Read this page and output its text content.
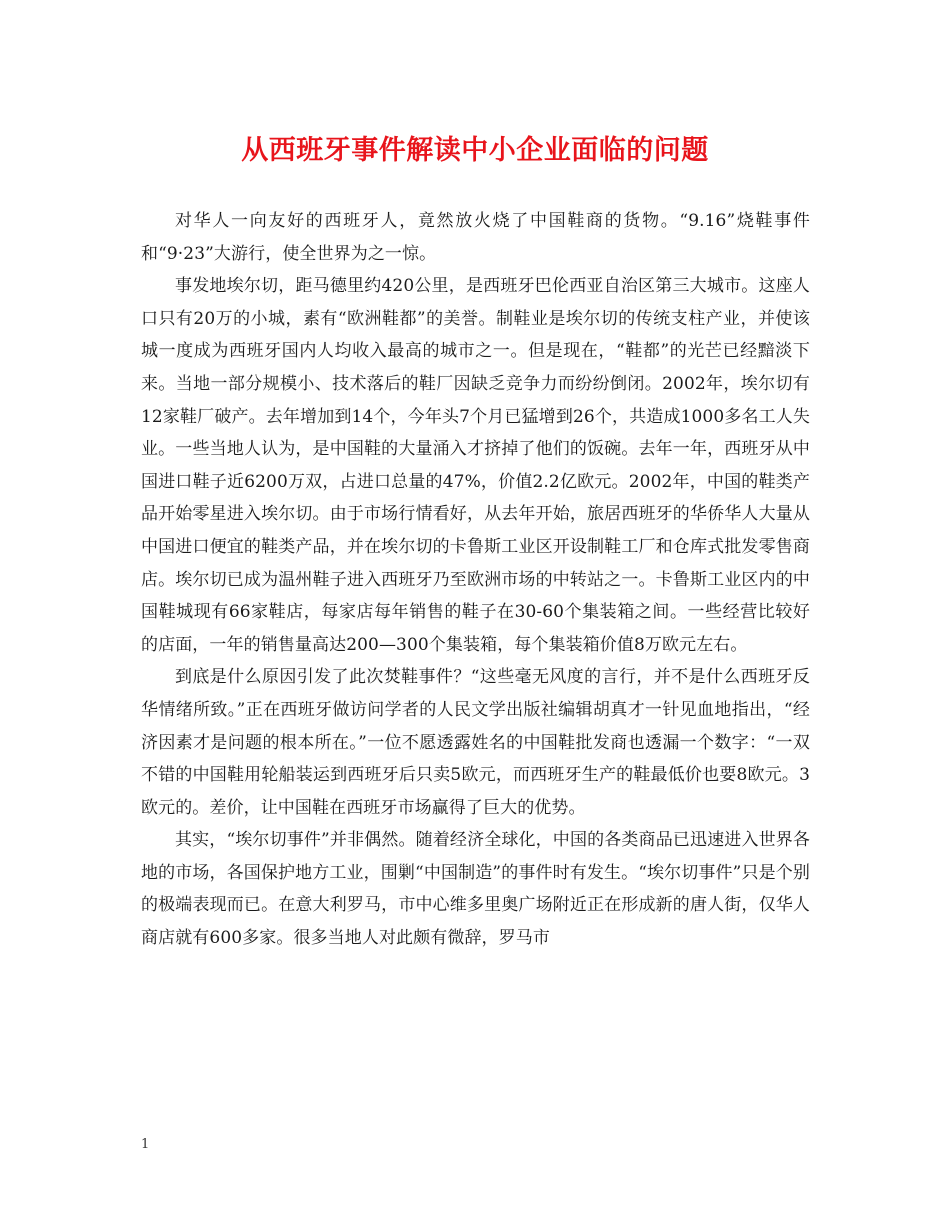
从西班牙事件解读中小企业面临的问题

对华人一向友好的西班牙人，竟然放火烧了中国鞋商的货物。“9.16”烧鞋事件和“9·23”大游行，使全世界为之一惊。

事发地埃尔切，距马德里约420公里，是西班牙巴伦西亚自治区第三大城市。这座人口只有20万的小城，素有“欧洲鞋都”的美誉。制鞋业是埃尔切的传统支柱产业，并使该城一度成为西班牙国内人均收入最高的城市之一。但是现在，“鞋都”的光芒已经黯淡下来。当地一部分规模小、技术落后的鞋厂因缺乏竞争力而纷纷倒闭。2002年，埃尔切有12家鞋厂破产。去年增加到14个，今年头7个月已猛增到26个，共造成1000多名工人失业。一些当地人认为，是中国鞋的大量涌入才挤掉了他们的饭碗。去年一年，西班牙从中国进口鞋子近6200万双，占进口总量的47%，价值2.2亿欧元。2002年，中国的鞋类产品开始零星进入埃尔切。由于市场行情看好，从去年开始，旅居西班牙的华侨华人大量从中国进口便宜的鞋类产品，并在埃尔切的卡鲁斯工业区开设制鞋工厂和仓库式批发零售商店。埃尔切已成为温州鞋子进入西班牙乃至欧洲市场的中转站之一。卡鲁斯工业区内的中国鞋城现有66家鞋店，每家店每年销售的鞋子在30-60个集装箱之间。一些经营比较好的店面，一年的销售量高达200—300个集装箱，每个集装箱价值8万欧元左右。

到底是什么原因引发了此次焚鞋事件？“这些毫无风度的言行，并不是什么西班牙反华情绪所致。”正在西班牙做访问学者的人民文学出版社编辑胡真才一针见血地指出，“经济因素才是问题的根本所在。”一位不愿透露姓名的中国鞋批发商也透漏一个数字：“一双不错的中国鞋用轮船装运到西班牙后只卖5欧元，而西班牙生产的鞋最低价也要8欧元。3欧元的。差价，让中国鞋在西班牙市场赢得了巨大的优势。

其实，“埃尔切事件”并非偶然。随着经济全球化，中国的各类商品已迅速进入世界各地的市场，各国保护地方工业，围剿“中国制造”的事件时有发生。“埃尔切事件”只是个别的极端表现而已。在意大利罗马，市中心维多里奥广场附近正在形成新的唐人街，仅华人商店就有600多家。很多当地人对此颇有微辞，罗马市

1
